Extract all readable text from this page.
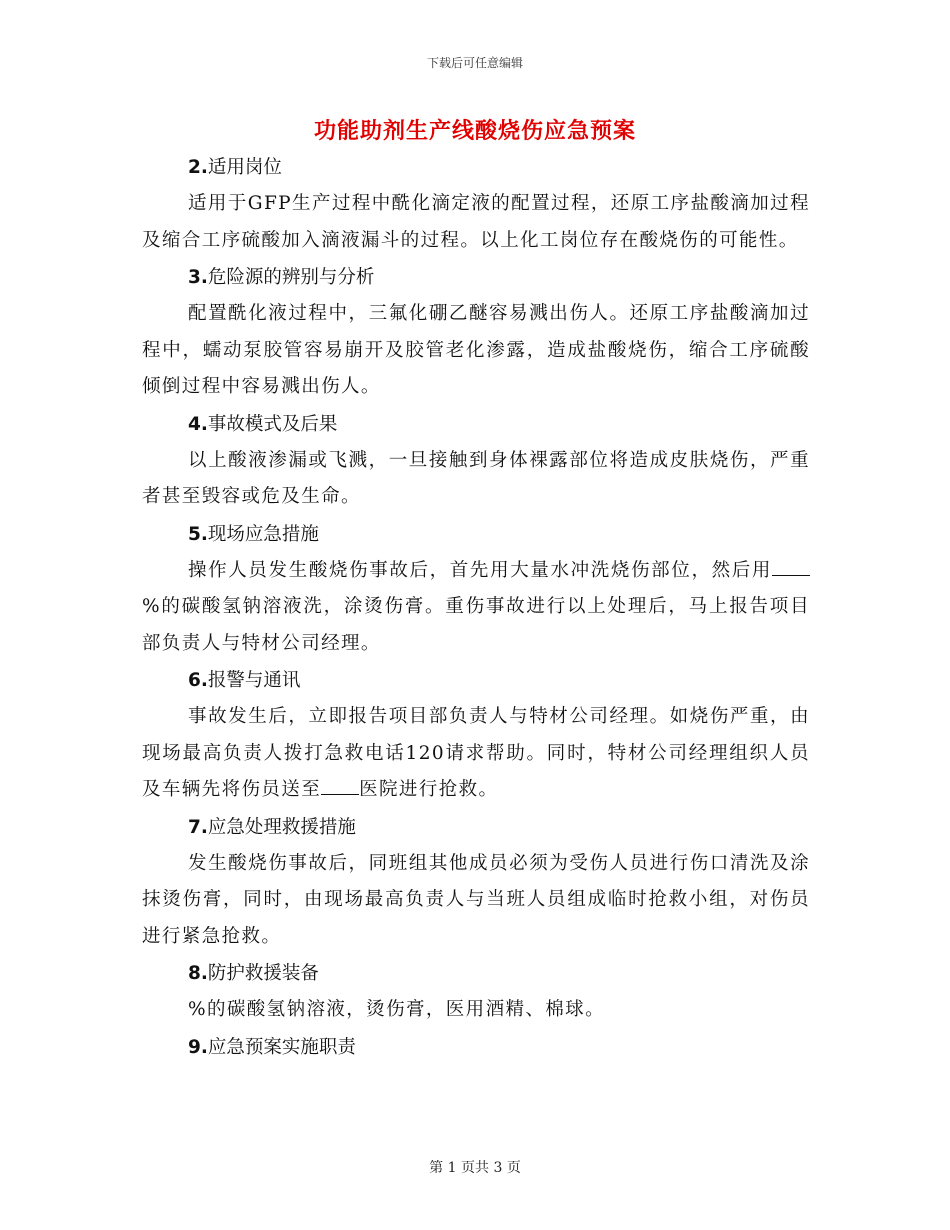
下载后可任意编辑
功能助剂生产线酸烧伤应急预案
2.适用岗位

适用于GFP生产过程中酰化滴定液的配置过程，还原工序盐酸滴加过程及缩合工序硫酸加入滴液漏斗的过程。以上化工岗位存在酸烧伤的可能性。

3.危险源的辨别与分析

配置酰化液过程中，三氟化硼乙醚容易溅出伤人。还原工序盐酸滴加过程中，蠕动泵胶管容易崩开及胶管老化渗露，造成盐酸烧伤，缩合工序硫酸倾倒过程中容易溅出伤人。

4.事故模式及后果

以上酸液渗漏或飞溅，一旦接触到身体裸露部位将造成皮肤烧伤，严重者甚至毁容或危及生命。

5.现场应急措施

操作人员发生酸烧伤事故后，首先用大量水冲洗烧伤部位，然后用%的碳酸氢钠溶液洗，涂烫伤膏。重伤事故进行以上处理后，马上报告项目部负责人与特材公司经理。

6.报警与通讯

事故发生后，立即报告项目部负责人与特材公司经理。如烧伤严重，由现场最高负责人拨打急救电话120请求帮助。同时，特材公司经理组织人员及车辆先将伤员送至 医院进行抢救。

7.应急处理救援措施

发生酸烧伤事故后，同班组其他成员必须为受伤人员进行伤口清洗及涂抹烫伤膏，同时，由现场最高负责人与当班人员组成临时抢救小组，对伤员进行紧急抢救。

8.防护救援装备

%的碳酸氢钠溶液，烫伤膏，医用酒精、棉球。

9.应急预案实施职责
第 1 页共 3 页
